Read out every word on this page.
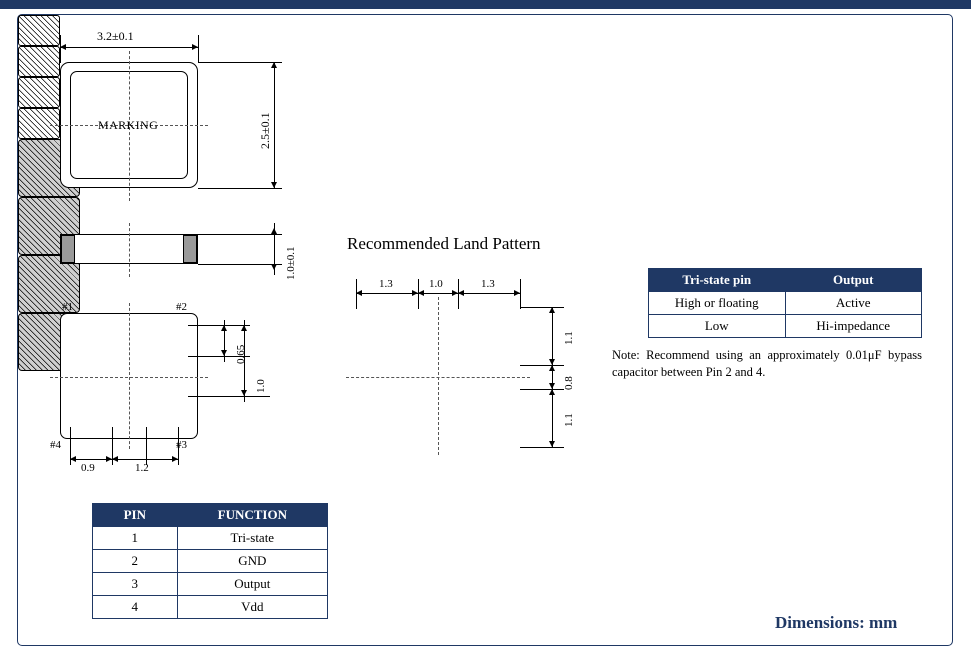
MARKING
3.2±0.1
2.5±0.1
1.0±0.1
#1	#2
#3
#4
0.65
1.0
0.9	1.2
Recommended Land Pattern
1.3	1.0	1.3
1.1
0.8
1.1
Tri-state pin	Output
High or floating	Active
Low	Hi-impedance
Note: Recommend using an approximately 0.01μF bypass capacitor between Pin 2 and 4.
PIN	FUNCTION
1	Tri-state
2	GND
3	Output
4	Vdd
Dimensions: mm
